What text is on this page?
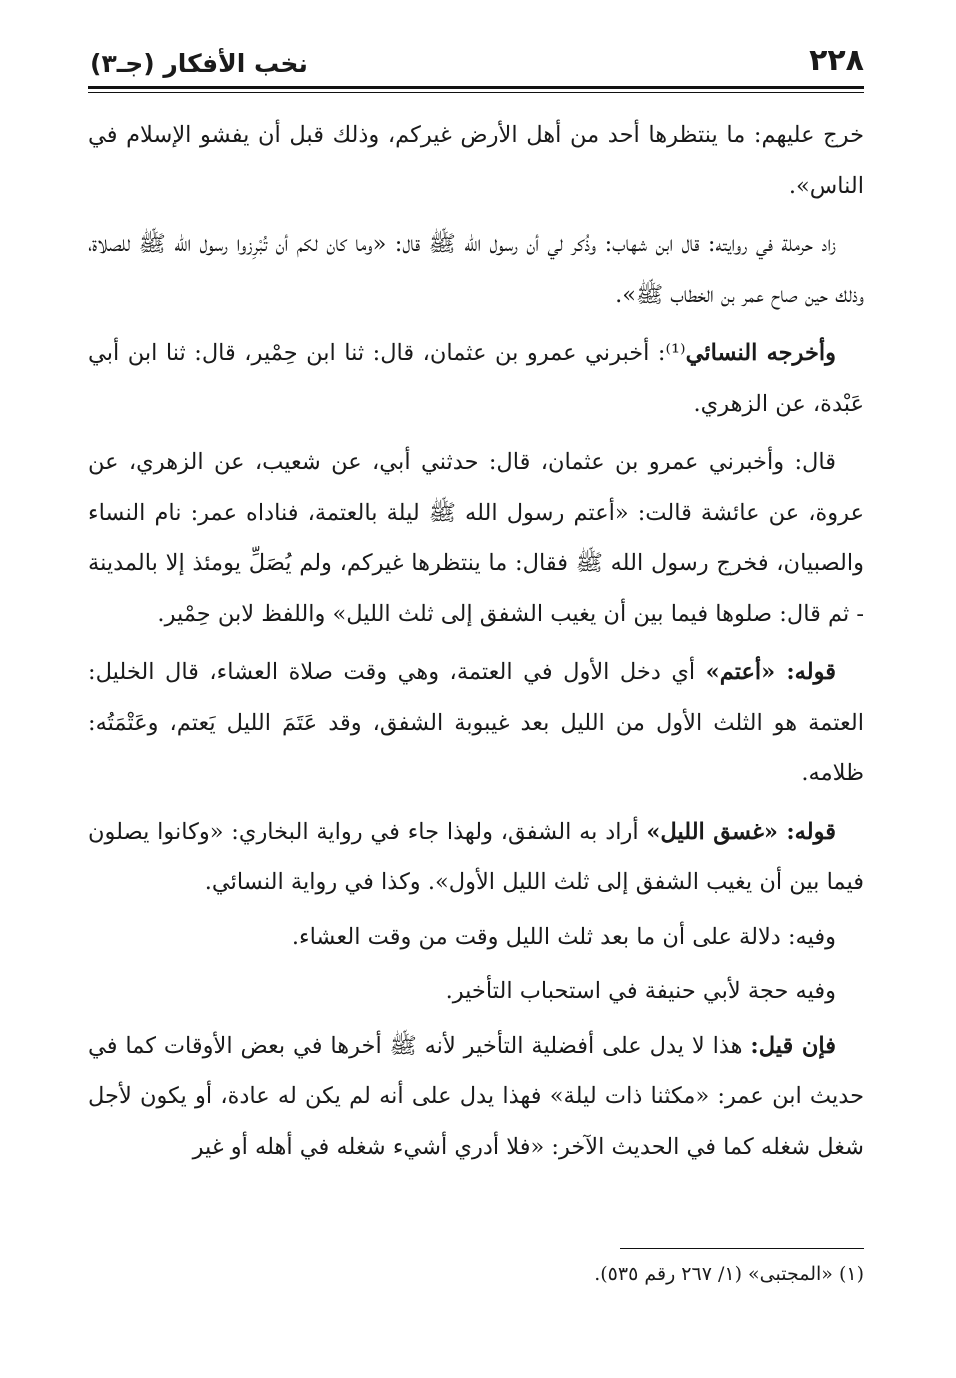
٢٢٨
نخب الأفكار (جـ٣)

خرج عليهم: ما ينتظرها أحد من أهل الأرض غيركم، وذلك قبل أن يفشو الإسلام في الناس».

زاد حرملة في روايته: قال ابن شهاب: وذُكر لي أن رسول الله ﷺ قال: «وما كان لكم أن تُبْرِزوا رسول الله ﷺ للصلاة، وذلك حين صاح عمر بن الخطاب ﷺ».

وأخرجه النسائي⁽¹⁾: أخبرني عمرو بن عثمان، قال: ثنا ابن حِمْير، قال: ثنا ابن أبي عَبْدة، عن الزهري.

قال: وأخبرني عمرو بن عثمان، قال: حدثني أبي، عن شعيب، عن الزهري، عن عروة، عن عائشة قالت: «أعتم رسول الله ﷺ ليلة بالعتمة، فناداه عمر: نام النساء والصبيان، فخرج رسول الله ﷺ فقال: ما ينتظرها غيركم، ولم يُصَلِّ يومئذ إلا بالمدينة - ثم قال: صلوها فيما بين أن يغيب الشفق إلى ثلث الليل» واللفظ لابن حِمْير.

قوله: «أعتم» أي دخل الأول في العتمة، وهي وقت صلاة العشاء، قال الخليل: العتمة هو الثلث الأول من الليل بعد غيبوبة الشفق، وقد عَتَمَ الليل يَعتم، وعَتْمَتُه: ظلامه.

قوله: «غسق الليل» أراد به الشفق، ولهذا جاء في رواية البخاري: «وكانوا يصلون فيما بين أن يغيب الشفق إلى ثلث الليل الأول». وكذا في رواية النسائي.

وفيه: دلالة على أن ما بعد ثلث الليل وقت من وقت العشاء.

وفيه حجة لأبي حنيفة في استحباب التأخير.

فإن قيل: هذا لا يدل على أفضلية التأخير لأنه ﷺ أخرها في بعض الأوقات كما في حديث ابن عمر: «مكثنا ذات ليلة» فهذا يدل على أنه لم يكن له عادة، أو يكون لأجل شغل شغله كما في الحديث الآخر: «فلا أدري أشيء شغله في أهله أو غير

(١) «المجتبى» (١/ ٢٦٧ رقم ٥٣٥).
